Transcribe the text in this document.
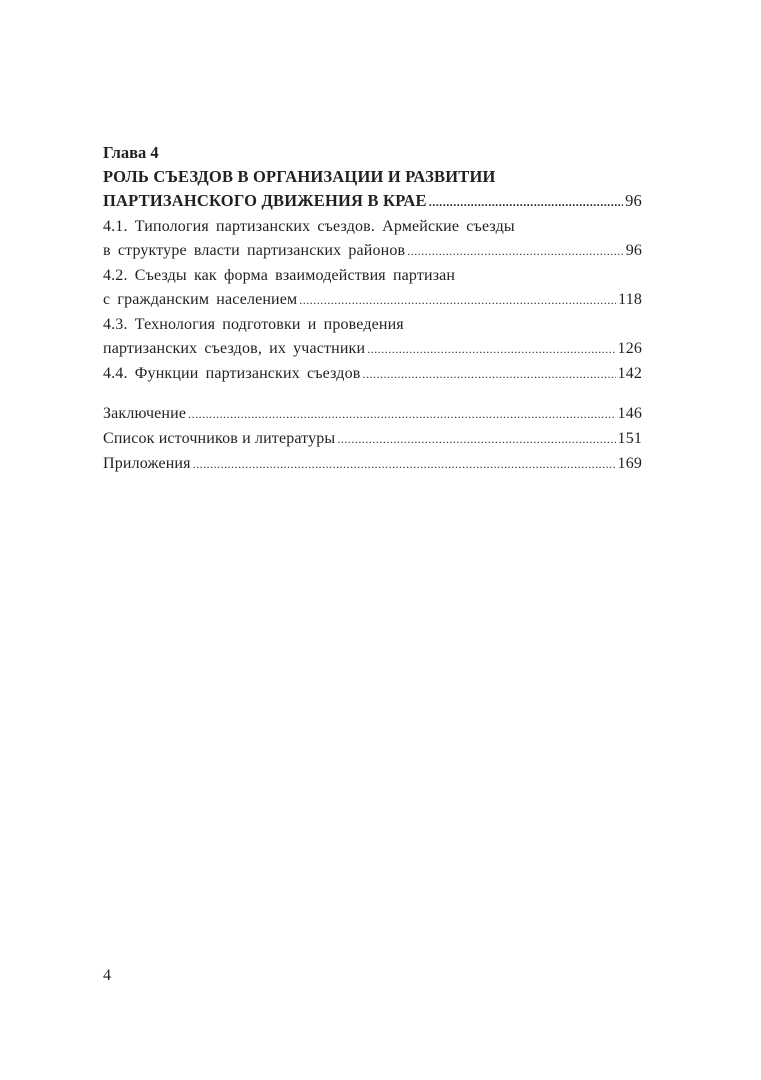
Глава 4

РОЛЬ СЪЕЗДОВ В ОРГАНИЗАЦИИ И РАЗВИТИИ

ПАРТИЗАНСКОГО ДВИЖЕНИЯ В КРАЕ .....	96
4.1. Типология партизанских съездов. Армейские съезды
в структуре власти партизанских районов .....	96
4.2. Съезды как форма взаимодействия партизан
с гражданским населением .....	118
4.3. Технология подготовки и проведения
партизанских съездов, их участники .....	126
4.4. Функции партизанских съездов .....	142
Заключение .....	146
Список источников и литературы .....	151
Приложения .....	169
4
